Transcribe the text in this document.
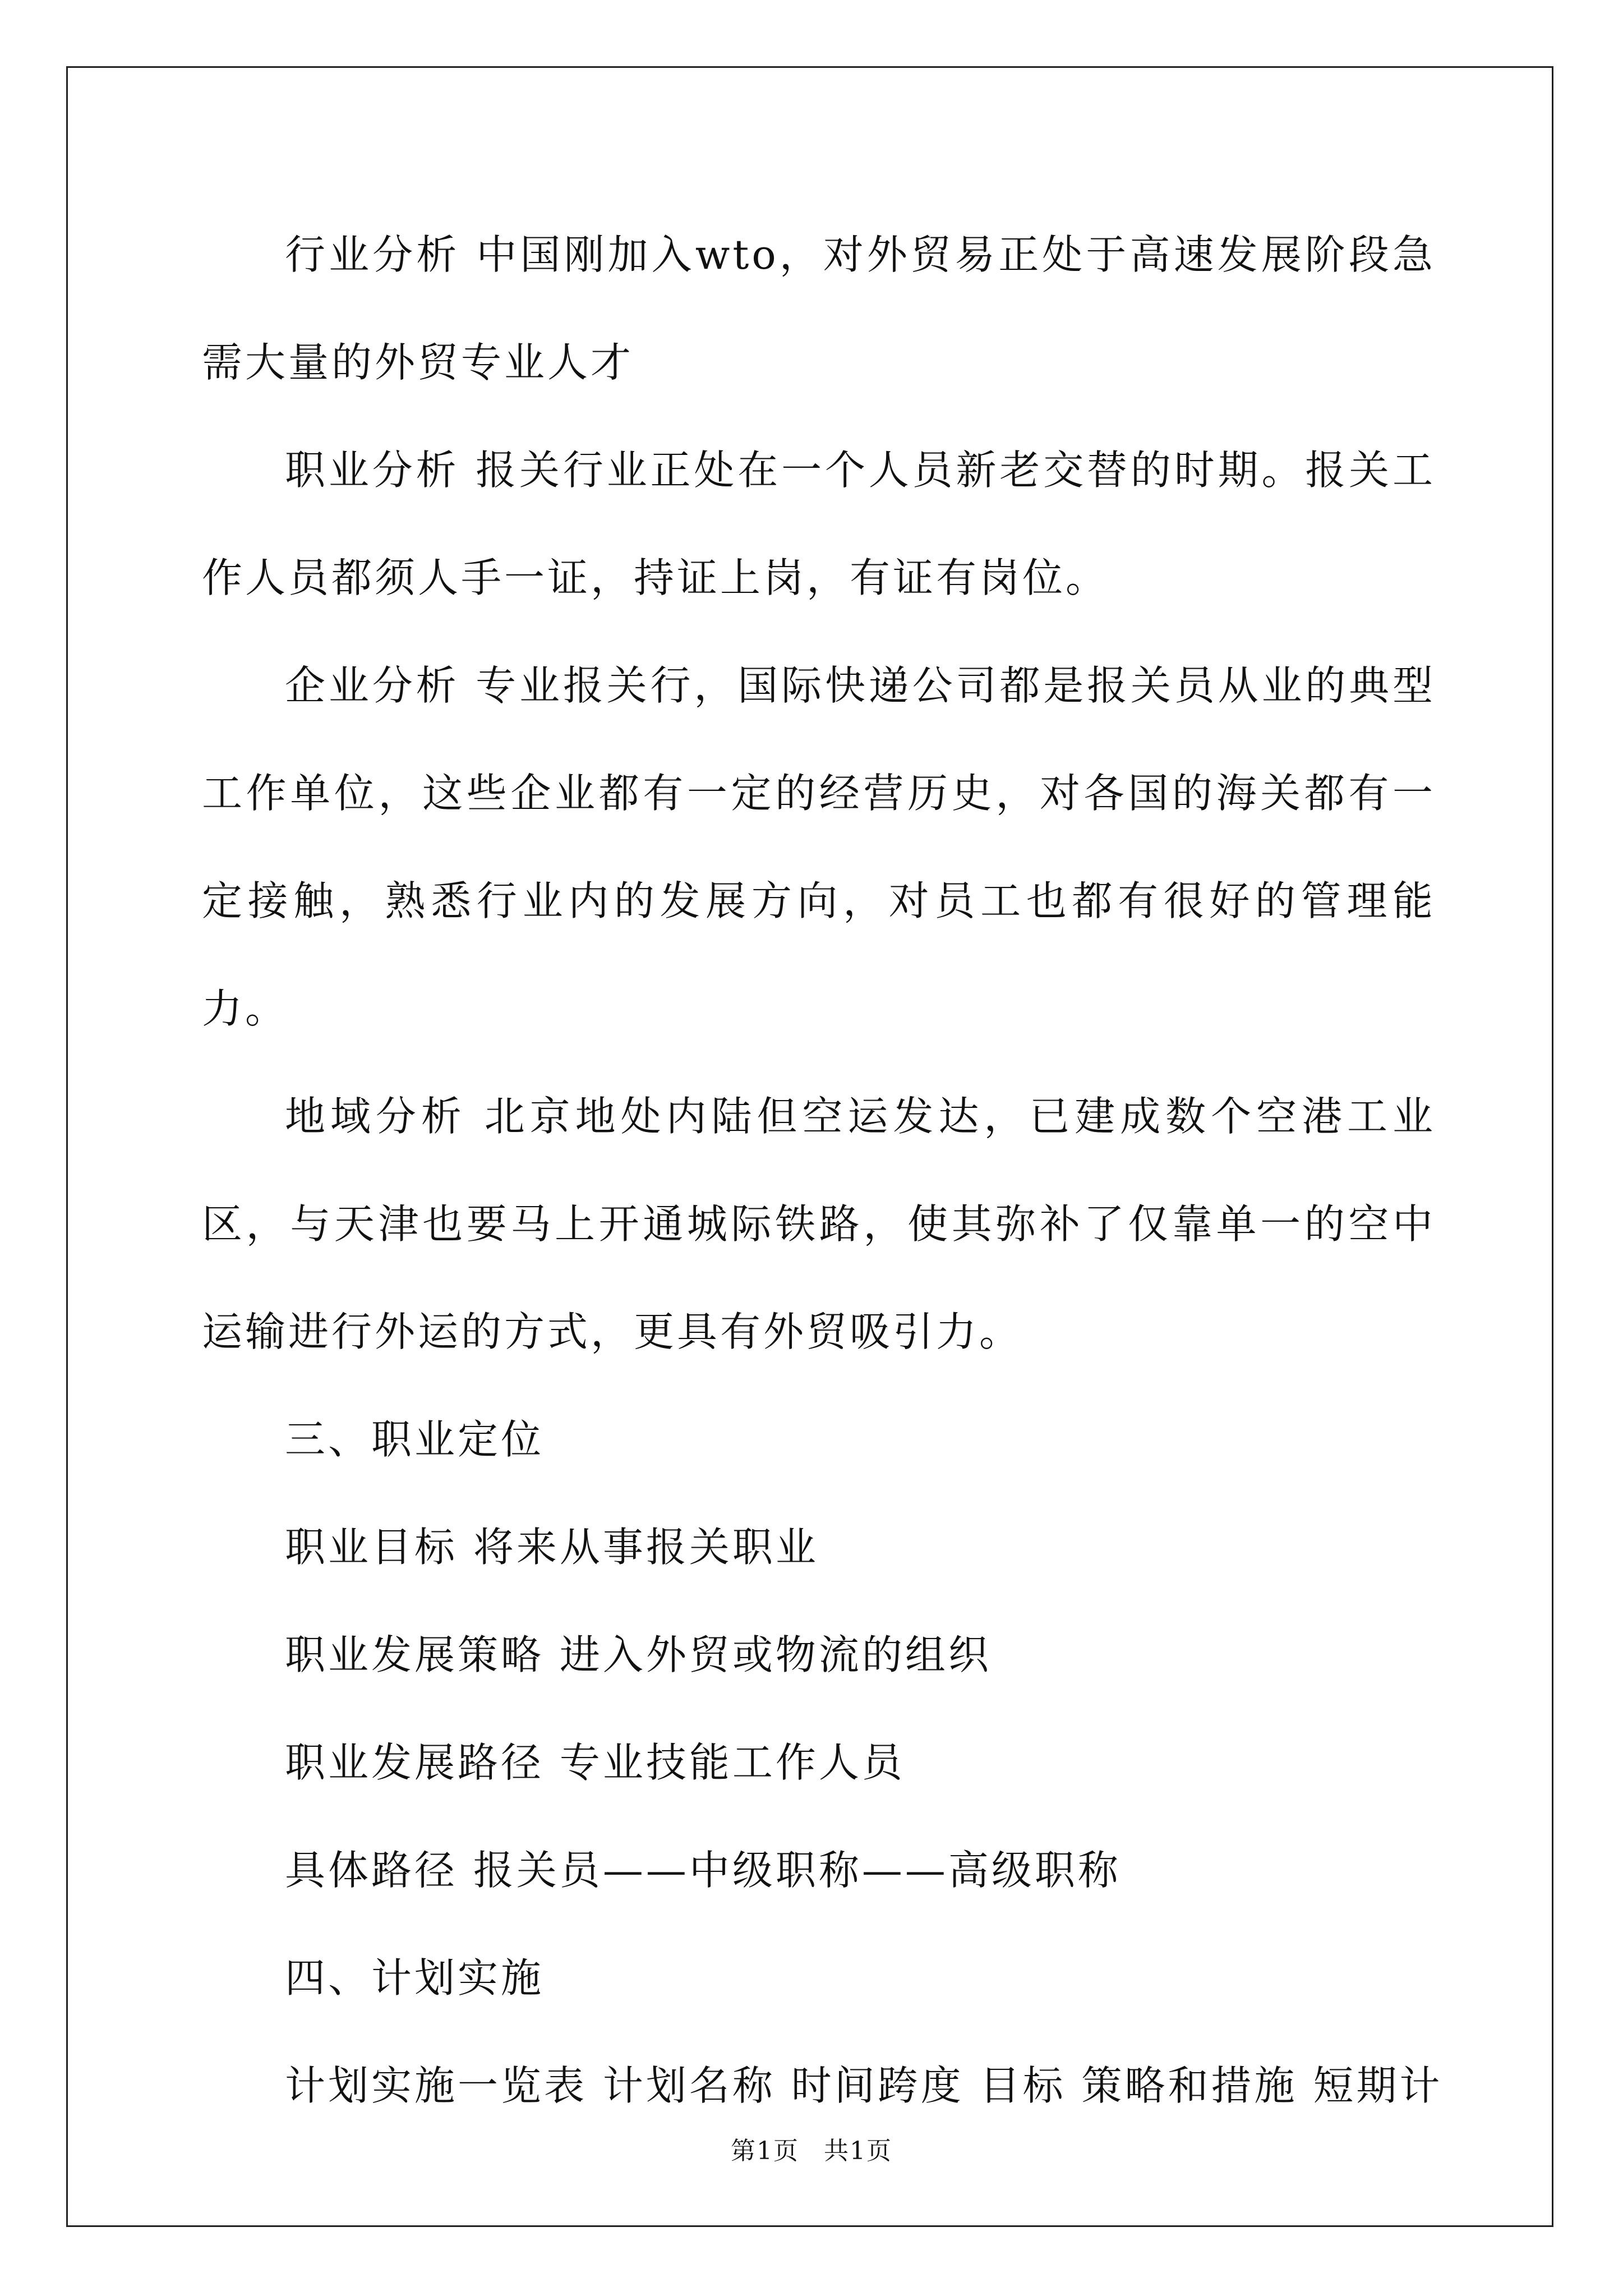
行业分析 中国刚加入wto，对外贸易正处于高速发展阶段急需大量的外贸专业人才

职业分析 报关行业正处在一个人员新老交替的时期。报关工作人员都须人手一证，持证上岗，有证有岗位。

企业分析 专业报关行，国际快递公司都是报关员从业的典型工作单位，这些企业都有一定的经营历史，对各国的海关都有一定接触，熟悉行业内的发展方向，对员工也都有很好的管理能力。

地域分析 北京地处内陆但空运发达，已建成数个空港工业区，与天津也要马上开通城际铁路，使其弥补了仅靠单一的空中运输进行外运的方式，更具有外贸吸引力。

三、职业定位

职业目标 将来从事报关职业

职业发展策略 进入外贸或物流的组织

职业发展路径 专业技能工作人员

具体路径 报关员——中级职称——高级职称

四、计划实施

计划实施一览表 计划名称 时间跨度 目标 策略和措施 短期计

第1页 共1页
